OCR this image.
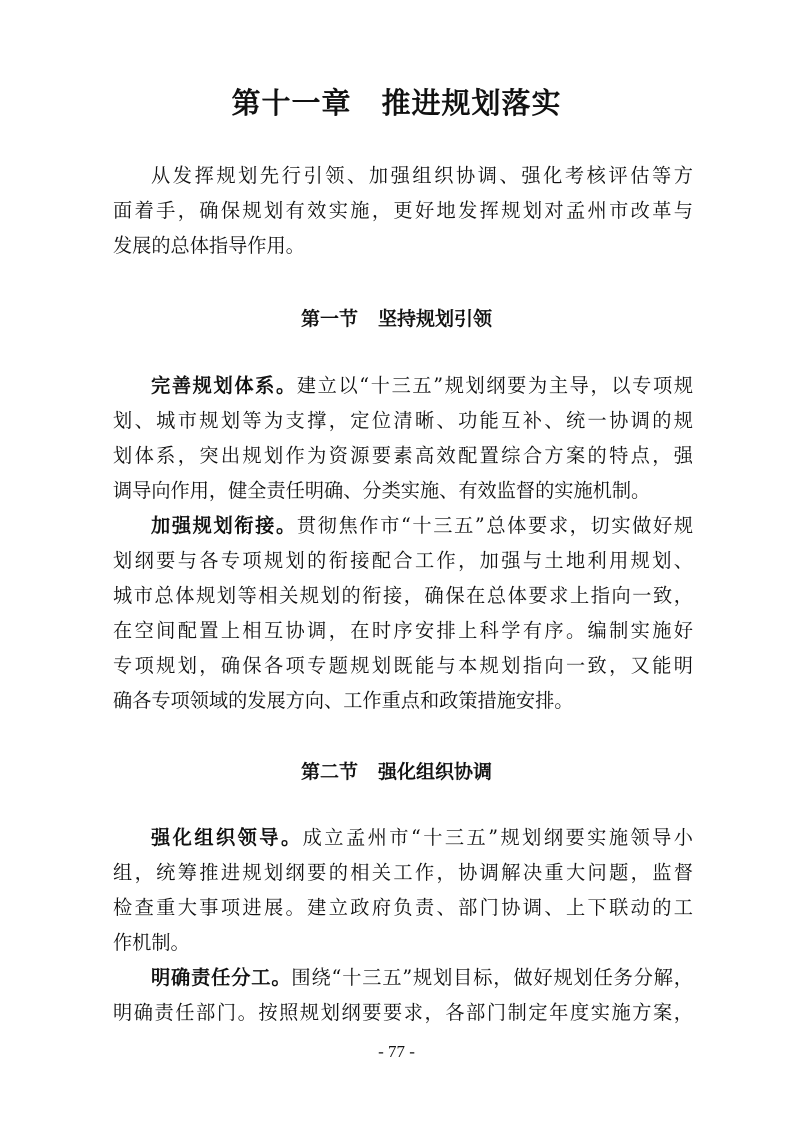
第十一章 推进规划落实
从发挥规划先行引领、加强组织协调、强化考核评估等方
面着手，确保规划有效实施，更好地发挥规划对孟州市改革与
发展的总体指导作用。
第一节 坚持规划引领
完善规划体系。建立以“十三五”规划纲要为主导，以专项规
划、城市规划等为支撑，定位清晰、功能互补、统一协调的规
划体系，突出规划作为资源要素高效配置综合方案的特点，强
调导向作用，健全责任明确、分类实施、有效监督的实施机制。
加强规划衔接。贯彻焦作市“十三五”总体要求，切实做好规
划纲要与各专项规划的衔接配合工作，加强与土地利用规划、
城市总体规划等相关规划的衔接，确保在总体要求上指向一致，
在空间配置上相互协调，在时序安排上科学有序。编制实施好
专项规划，确保各项专题规划既能与本规划指向一致，又能明
确各专项领域的发展方向、工作重点和政策措施安排。
第二节 强化组织协调
强化组织领导。成立孟州市“十三五”规划纲要实施领导小
组，统筹推进规划纲要的相关工作，协调解决重大问题，监督
检查重大事项进展。建立政府负责、部门协调、上下联动的工
作机制。
明确责任分工。围绕“十三五”规划目标，做好规划任务分解，
明确责任部门。按照规划纲要要求，各部门制定年度实施方案，
- 77 -
